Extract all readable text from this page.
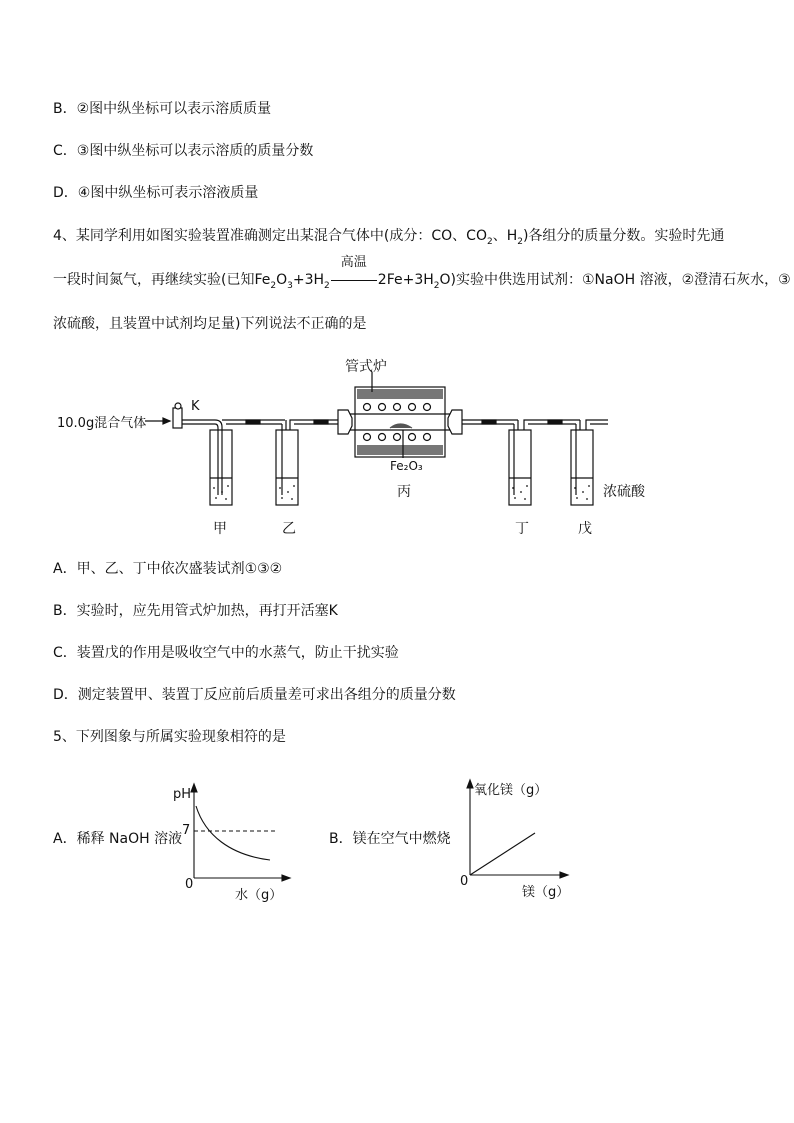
B．②图中纵坐标可以表示溶质质量
C．③图中纵坐标可以表示溶质的质量分数
D．④图中纵坐标可表示溶液质量
4、某同学利用如图实验装置准确测定出某混合气体中(成分：CO、$CO_2$、$H_2$)各组分的质量分数。实验时先通
一段时间氮气，再继续实验(已知$Fe_2O_3+3H_2$
高温
$2Fe+3H_2O$)实验中供选用试剂：①NaOH 溶液，②澄清石灰水，③
浓硫酸，且装置中试剂均足量)下列说法不正确的是
管式炉
10.0g混合气体
K
Fe₂O₃
丙
甲	乙	丁	戊
浓硫酸
A．甲、乙、丁中依次盛装试剂①③②
B．实验时，应先用管式炉加热，再打开活塞K
C．装置戊的作用是吸收空气中的水蒸气，防止干扰实验
D．测定装置甲、装置丁反应前后质量差可求出各组分的质量分数
5、下列图象与所属实验现象相符的是
A．稀释 NaOH 溶液	B．镁在空气中燃烧
pH
7
0
水（g）
氧化镁（g）
0
镁（g）
